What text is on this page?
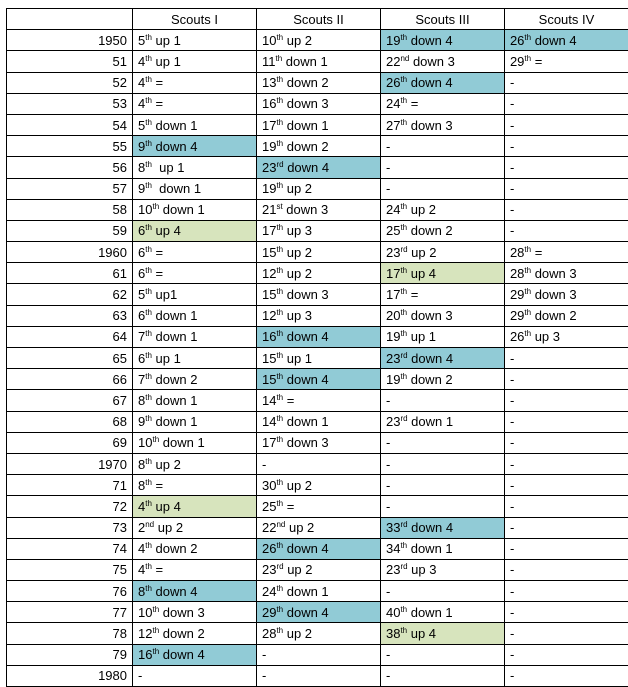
	Scouts I	Scouts II	Scouts III	Scouts IV
1950	5th up 1	10th up 2	19th down 4	26th down 4
51	4th up 1	11th down 1	22nd down 3	29th =
52	4th =	13th down 2	26th down 4	-
53	4th =	16th down 3	24th =	-
54	5th down 1	17th down 1	27th down 3	-
55	9th down 4	19th down 2	-	-
56	8th  up 1	23rd down 4	-	-
57	9th  down 1	19th up 2	-	-
58	10th down 1	21st down 3	24th up 2	-
59	6th up 4	17th up 3	25th down 2	-
1960	6th =	15th up 2	23rd up 2	28th =
61	6th =	12th up 2	17th up 4	28th down 3
62	5th up1	15th down 3	17th =	29th down 3
63	6th down 1	12th up 3	20th down 3	29th down 2
64	7th down 1	16th down 4	19th up 1	26th up 3
65	6th up 1	15th up 1	23rd down 4	-
66	7th down 2	15th down 4	19th down 2	-
67	8th down 1	14th =	-	-
68	9th down 1	14th down 1	23rd down 1	-
69	10th down 1	17th down 3	-	-
1970	8th up 2	-	-	-
71	8th =	30th up 2	-	-
72	4th up 4	25th =	-	-
73	2nd up 2	22nd up 2	33rd down 4	-
74	4th down 2	26th down 4	34th down 1	-
75	4th =	23rd up 2	23rd up 3	-
76	8th down 4	24th down 1	-	-
77	10th down 3	29th down 4	40th down 1	-
78	12th down 2	28th up 2	38th up 4	-
79	16th down 4	-	-	-
1980	-	-	-	-
